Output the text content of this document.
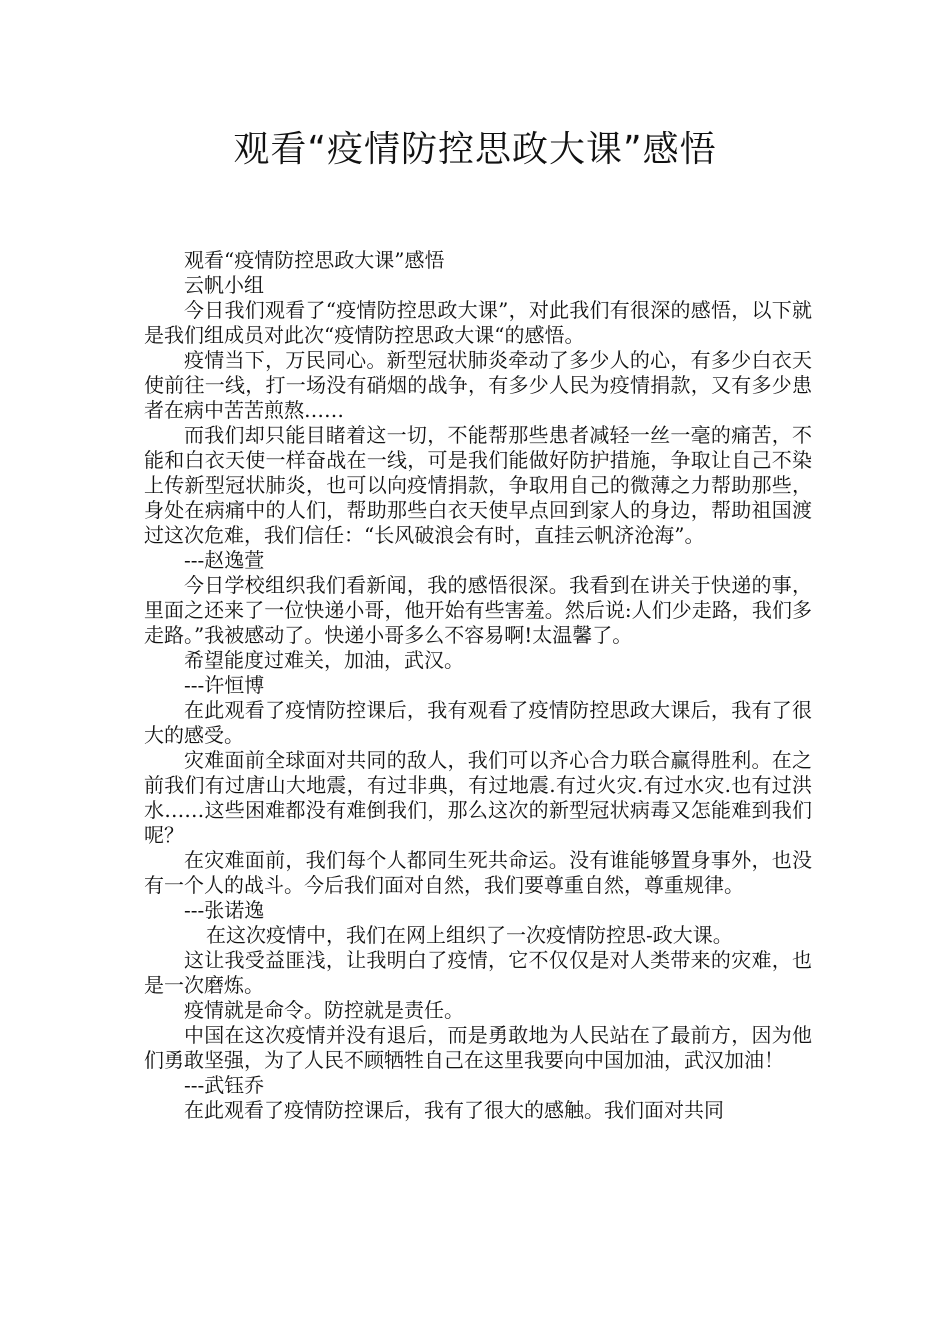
观看“疫情防控思政大课”感悟

观看“疫情防控思政大课”感悟

云帆小组

今日我们观看了“疫情防控思政大课”，对此我们有很深的感悟，以下就是我们组成员对此次“疫情防控思政大课“的感悟。

疫情当下，万民同心。新型冠状肺炎牵动了多少人的心，有多少白衣天使前往一线，打一场没有硝烟的战争，有多少人民为疫情捐款，又有多少患者在病中苦苦煎熬……

而我们却只能目睹着这一切，不能帮那些患者减轻一丝一毫的痛苦，不能和白衣天使一样奋战在一线，可是我们能做好防护措施，争取让自己不染上传新型冠状肺炎，也可以向疫情捐款，争取用自己的微薄之力帮助那些，身处在病痛中的人们，帮助那些白衣天使早点回到家人的身边，帮助祖国渡过这次危难，我们信任：“长风破浪会有时，直挂云帆济沧海”。

---赵逸萱

今日学校组织我们看新闻，我的感悟很深。我看到在讲关于快递的事，里面之还来了一位快递小哥，他开始有些害羞。然后说:人们少走路，我们多走路。”我被感动了。快递小哥多么不容易啊!太温馨了。

希望能度过难关，加油，武汉。

---许恒博

在此观看了疫情防控课后，我有观看了疫情防控思政大课后，我有了很大的感受。

灾难面前全球面对共同的敌人，我们可以齐心合力联合赢得胜利。在之前我们有过唐山大地震，有过非典，有过地震.有过火灾.有过水灾.也有过洪水……这些困难都没有难倒我们，那么这次的新型冠状病毒又怎能难到我们呢？

在灾难面前，我们每个人都同生死共命运。没有谁能够置身事外，也没有一个人的战斗。今后我们面对自然，我们要尊重自然，尊重规律。

---张诺逸

在这次疫情中，我们在网上组织了一次疫情防控思-政大课。

这让我受益匪浅，让我明白了疫情，它不仅仅是对人类带来的灾难，也是一次磨炼。

疫情就是命令。防控就是责任。

中国在这次疫情并没有退后，而是勇敢地为人民站在了最前方，因为他们勇敢坚强，为了人民不顾牺牲自己在这里我要向中国加油，武汉加油！

---武钰乔

在此观看了疫情防控课后，我有了很大的感触。我们面对共同
